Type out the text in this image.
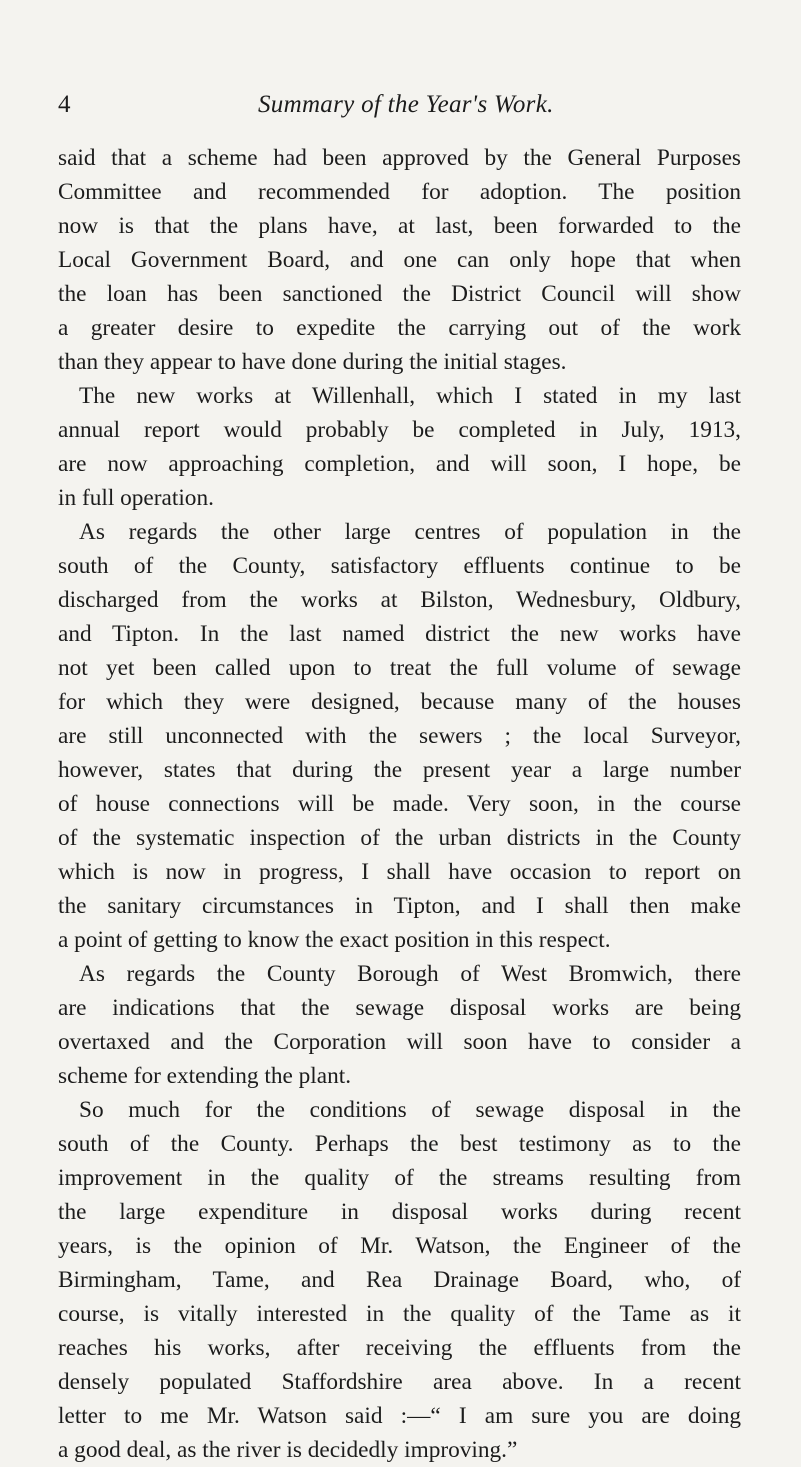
4	Summary of the Year's Work.
said that a scheme had been approved by the General Purposes
Committee and recommended for adoption. The position
now is that the plans have, at last, been forwarded to the
Local Government Board, and one can only hope that when
the loan has been sanctioned the District Council will show
a greater desire to expedite the carrying out of the work
than they appear to have done during the initial stages.
The new works at Willenhall, which I stated in my last
annual report would probably be completed in July, 1913,
are now approaching completion, and will soon, I hope, be
in full operation.
As regards the other large centres of population in the
south of the County, satisfactory effluents continue to be
discharged from the works at Bilston, Wednesbury, Oldbury,
and Tipton. In the last named district the new works have
not yet been called upon to treat the full volume of sewage
for which they were designed, because many of the houses
are still unconnected with the sewers ; the local Surveyor,
however, states that during the present year a large number
of house connections will be made. Very soon, in the course
of the systematic inspection of the urban districts in the County
which is now in progress, I shall have occasion to report on
the sanitary circumstances in Tipton, and I shall then make
a point of getting to know the exact position in this respect.
As regards the County Borough of West Bromwich, there
are indications that the sewage disposal works are being
overtaxed and the Corporation will soon have to consider a
scheme for extending the plant.
So much for the conditions of sewage disposal in the
south of the County. Perhaps the best testimony as to the
improvement in the quality of the streams resulting from
the large expenditure in disposal works during recent
years, is the opinion of Mr. Watson, the Engineer of the
Birmingham, Tame, and Rea Drainage Board, who, of
course, is vitally interested in the quality of the Tame as it
reaches his works, after receiving the effluents from the
densely populated Staffordshire area above. In a recent
letter to me Mr. Watson said :—“ I am sure you are doing
a good deal, as the river is decidedly improving.”
